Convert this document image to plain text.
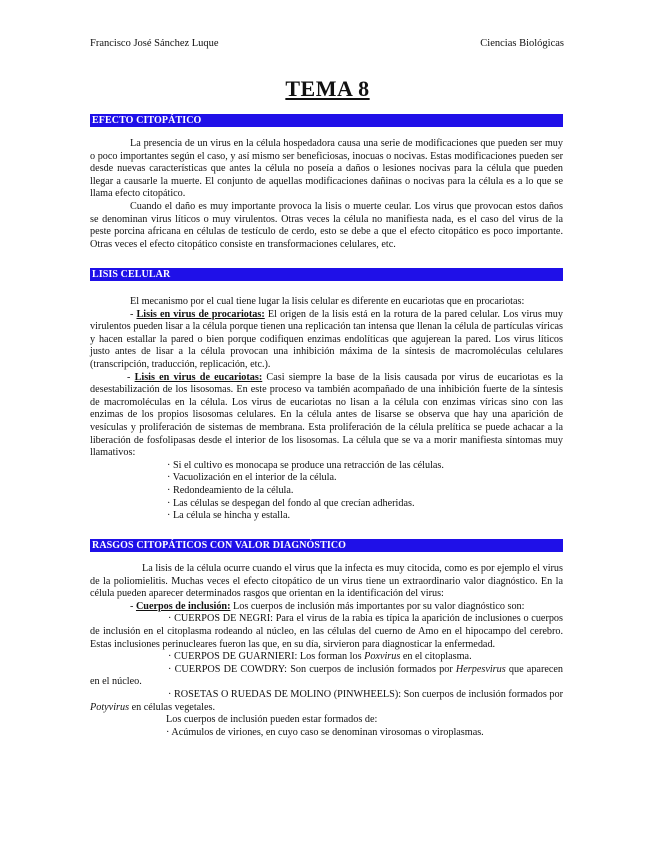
Francisco José Sánchez Luque	Ciencias Biológicas
TEMA 8
EFECTO CITOPÁTICO

La presencia de un virus en la célula hospedadora causa una serie de modificaciones que pueden ser muy o poco importantes según el caso, y así mismo ser beneficiosas, inocuas o nocivas. Estas modificaciones pueden ser desde nuevas características que antes la célula no poseía a daños o lesiones nocivas para la célula que pueden llegar a causarle la muerte. El conjunto de aquellas modificaciones dañinas o nocivas para la célula es a lo que se llama efecto citopático.

Cuando el daño es muy importante provoca la lisis o muerte ceular. Los virus que provocan estos daños se denominan virus líticos o muy virulentos. Otras veces la célula no manifiesta nada, es el caso del virus de la peste porcina africana en células de testículo de cerdo, esto se debe a que el efecto citopático es poco importante. Otras veces el efecto citopático consiste en transformaciones celulares, etc.

LISIS CELULAR

El mecanismo por el cual tiene lugar la lisis celular es diferente en eucariotas que en procariotas:

- Lisis en virus de procariotas: El origen de la lisis está en la rotura de la pared celular. Los virus muy virulentos pueden lisar a la célula porque tienen una replicación tan intensa que llenan la célula de partículas víricas y hacen estallar la pared o bien porque codifiquen enzimas endolíticas que agujerean la pared. Los virus líticos justo antes de lisar a la célula provocan una inhibición máxima de la síntesis de macromoléculas celulares (transcripción, traducción, replicación, etc.).

- Lisis en virus de eucariotas: Casi siempre la base de la lisis causada por virus de eucariotas es la desestabilización de los lisosomas. En este proceso va también acompañado de una inhibición fuerte de la síntesis de macromoléculas en la célula. Los virus de eucariotas no lisan a la célula con enzimas víricas sino con las enzimas de los propios lisosomas celulares. En la célula antes de lisarse se observa que hay una aparición de vesículas y proliferación de sistemas de membrana. Esta proliferación de la célula prelítica se puede achacar a la liberación de fosfolipasas desde el interior de los lisosomas. La célula que se va a morir manifiesta síntomas muy llamativos:

· Si el cultivo es monocapa se produce una retracción de las células.
· Vacuolización en el interior de la célula.
· Redondeamiento de la célula.
· Las células se despegan del fondo al que crecían adheridas.
· La célula se hincha y estalla.
RASGOS CITOPÁTICOS CON VALOR DIAGNÓSTICO

La lisis de la célula ocurre cuando el virus que la infecta es muy citocida, como es por ejemplo el virus de la poliomielitis. Muchas veces el efecto citopático de un virus tiene un extraordinario valor diagnóstico. En la célula pueden aparecer determinados rasgos que orientan en la identificación del virus:

- Cuerpos de inclusión: Los cuerpos de inclusión más importantes por su valor diagnóstico son:

· CUERPOS DE NEGRI: Para el virus de la rabia es típica la aparición de inclusiones o cuerpos de inclusión en el citoplasma rodeando al núcleo, en las células del cuerno de Amo en el hipocampo del cerebro. Estas inclusiones perinucleares fueron las que, en su día, sirvieron para diagnosticar la enfermedad.

· CUERPOS DE GUARNIERI: Los forman los Poxvirus en el citoplasma.

· CUERPOS DE COWDRY: Son cuerpos de inclusión formados por Herpesvirus que aparecen en el núcleo.

· ROSETAS O RUEDAS DE MOLINO (PINWHEELS): Son cuerpos de inclusión formados por Potyvirus en células vegetales.

Los cuerpos de inclusión pueden estar formados de:

· Acúmulos de viriones, en cuyo caso se denominan virosomas o viroplasmas.
